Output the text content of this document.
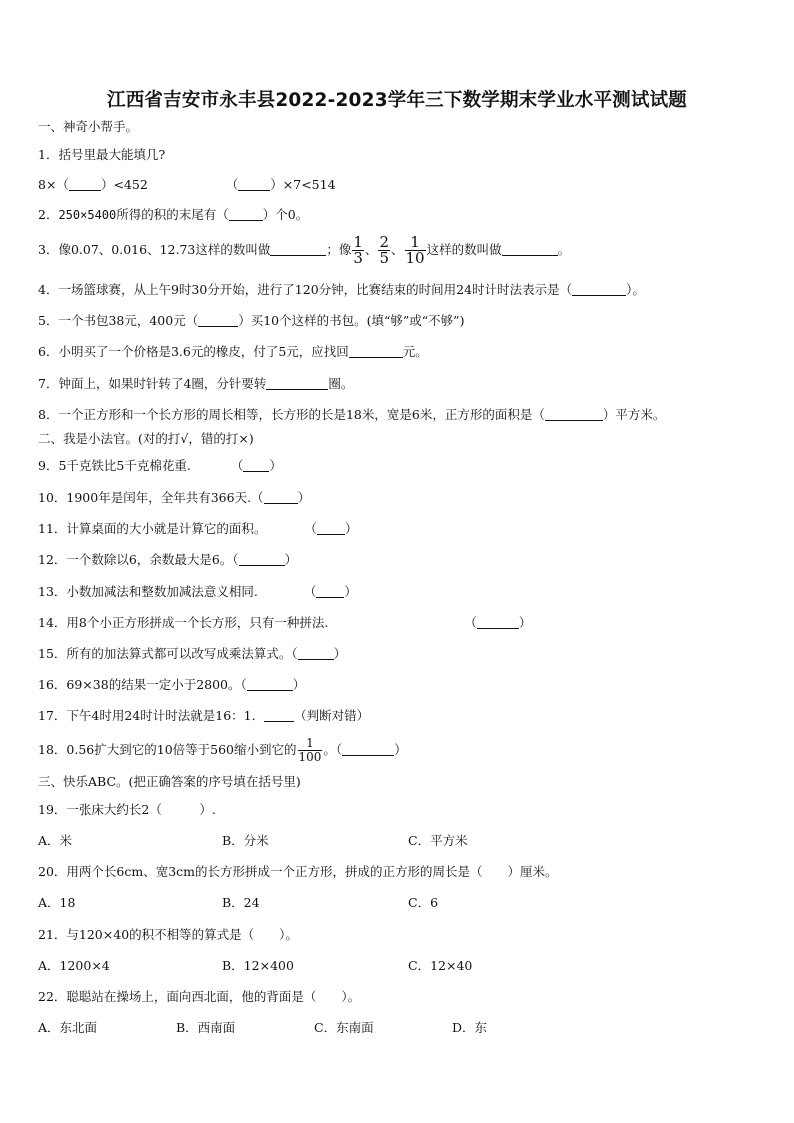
江西省吉安市永丰县2022-2023学年三下数学期末学业水平测试试题
一、神奇小帮手。
1．括号里最大能填几?
8×（	）<452	（	）×7<514
2．250×5400所得的积的末尾有（	）个0。
3．像0.07、0.016、12.73这样的数叫做	；像 $\frac{1}{3}$ 、 $\frac{2}{5}$ 、 $\frac{1}{10}$ 这样的数叫做	。
4．一场篮球赛，从上午9时30分开始，进行了120分钟，比赛结束的时间用24时计时法表示是（	）。
5．一个书包38元，400元（	）买10个这样的书包。(填“够”或“不够”)
6．小明买了一个价格是3.6元的橡皮，付了5元，应找回	元。
7．钟面上，如果时针转了4圈，分针要转	圈。
8．一个正方形和一个长方形的周长相等，长方形的长是18米，宽是6米，正方形的面积是（	）平方米。
二、我是小法官。(对的打√，错的打×)
9．5千克铁比5千克棉花重.	（ ）
10．1900年是闰年，全年共有366天.（	）
11．计算桌面的大小就是计算它的面积。	（ ）
12．一个数除以6，余数最大是6。（	）
13．小数加减法和整数加减法意义相同.	（ ）
14．用8个小正方形拼成一个长方形，只有一种拼法.	（	）
15．所有的加法算式都可以改写成乘法算式。（	）
16．69×38的结果一定小于2800。（	）
17．下午4时用24时计时法就是16：1． （判断对错）
18．0.56扩大到它的10倍等于560缩小到它的 $\frac{1}{100}$ 。（	）
三、快乐ABC。(把正确答案的序号填在括号里)
19．一张床大约长2（　　　）.
A．米	B．分米	C．平方米
20．用两个长6cm、宽3cm的长方形拼成一个正方形，拼成的正方形的周长是（　　）厘米。
A．18	B．24	C．6
21．与120×40的积不相等的算式是（　　）。
A．1200×4	B．12×400	C．12×40
22．聪聪站在操场上，面向西北面，他的背面是（　　）。
A．东北面	B．西南面	C．东南面	D．东
